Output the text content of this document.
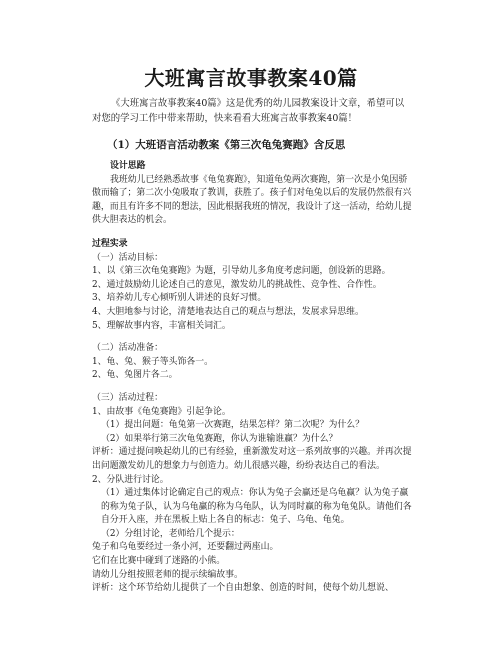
大班寓言故事教案40篇
《大班寓言故事教案40篇》这是优秀的幼儿园教案设计文章，希望可以对您的学习工作中带来帮助，快来看看大班寓言故事教案40篇！
（1）大班语言活动教案《第三次龟兔赛跑》含反思
设计思路
我班幼儿已经熟悉故事《龟兔赛跑》，知道龟兔两次赛跑，第一次是小兔因骄傲而输了；第二次小兔吸取了教训，获胜了。孩子们对龟兔以后的发展仍然很有兴趣，而且有许多不同的想法，因此根据我班的情况，我设计了这一活动，给幼儿提供大胆表达的机会。
过程实录
（一）活动目标：
1、以《第三次龟兔赛跑》为题，引导幼儿多角度考虑问题，创设新的思路。
2、通过鼓励幼儿论述自己的意见，激发幼儿的挑战性、竞争性、合作性。
3、培养幼儿专心倾听别人讲述的良好习惯。
4、大胆地参与讨论，清楚地表达自己的观点与想法，发展求异思维。
5、理解故事内容，丰富相关词汇。
（二）活动准备：
1、龟、兔、猴子等头饰各一。
2、龟、兔图片各二。
（三）活动过程：
1、由故事《龟兔赛跑》引起争论。
（1）提出问题：龟兔第一次赛跑，结果怎样？第二次呢？为什么？
（2）如果举行第三次龟兔赛跑，你认为谁输谁赢？为什么？
评析：通过提问唤起幼儿的已有经验，重新激发对这一系列故事的兴趣。并再次提出问题激发幼儿的想象力与创造力。幼儿很感兴趣，纷纷表达自己的看法。
2、分队进行讨论。
（1）通过集体讨论确定自己的观点：你认为兔子会赢还是乌龟赢？认为兔子赢的称为兔子队，认为乌龟赢的称为乌龟队，认为同时赢的称为龟兔队。请他们各自分开入座，并在黑板上贴上各自的标志：兔子、乌龟、龟兔。
（2）分组讨论，老师给几个提示：
兔子和乌龟要经过一条小河，还要翻过两座山。
它们在比赛中碰到了迷路的小熊。
请幼儿分组按照老师的提示续编故事。
评析：这个环节给幼儿提供了一个自由想象、创造的时间，使每个幼儿想说、
